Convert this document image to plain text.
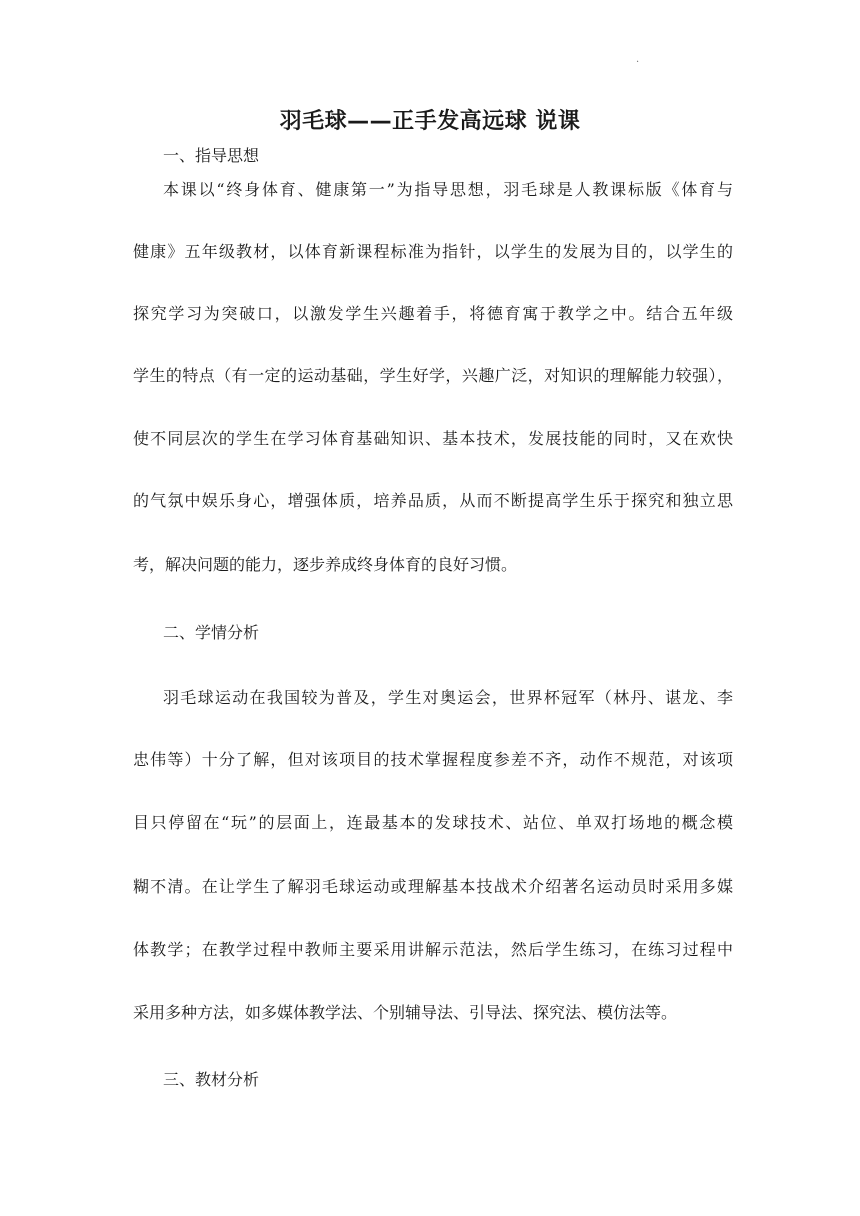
·
羽毛球——正手发高远球 说课
一、指导思想
本课以“终身体育、健康第一”为指导思想，羽毛球是人教课标版《体育与
健康》五年级教材，以体育新课程标准为指针，以学生的发展为目的，以学生的
探究学习为突破口，以激发学生兴趣着手，将德育寓于教学之中。结合五年级
学生的特点（有一定的运动基础，学生好学，兴趣广泛，对知识的理解能力较强），
使不同层次的学生在学习体育基础知识、基本技术，发展技能的同时，又在欢快
的气氛中娱乐身心，增强体质，培养品质，从而不断提高学生乐于探究和独立思
考，解决问题的能力，逐步养成终身体育的良好习惯。
二、学情分析
羽毛球运动在我国较为普及，学生对奥运会，世界杯冠军（林丹、谌龙、李
忠伟等）十分了解，但对该项目的技术掌握程度参差不齐，动作不规范，对该项
目只停留在“玩”的层面上，连最基本的发球技术、站位、单双打场地的概念模
糊不清。在让学生了解羽毛球运动或理解基本技战术介绍著名运动员时采用多媒
体教学；在教学过程中教师主要采用讲解示范法，然后学生练习，在练习过程中
采用多种方法，如多媒体教学法、个别辅导法、引导法、探究法、模仿法等。
三、教材分析
